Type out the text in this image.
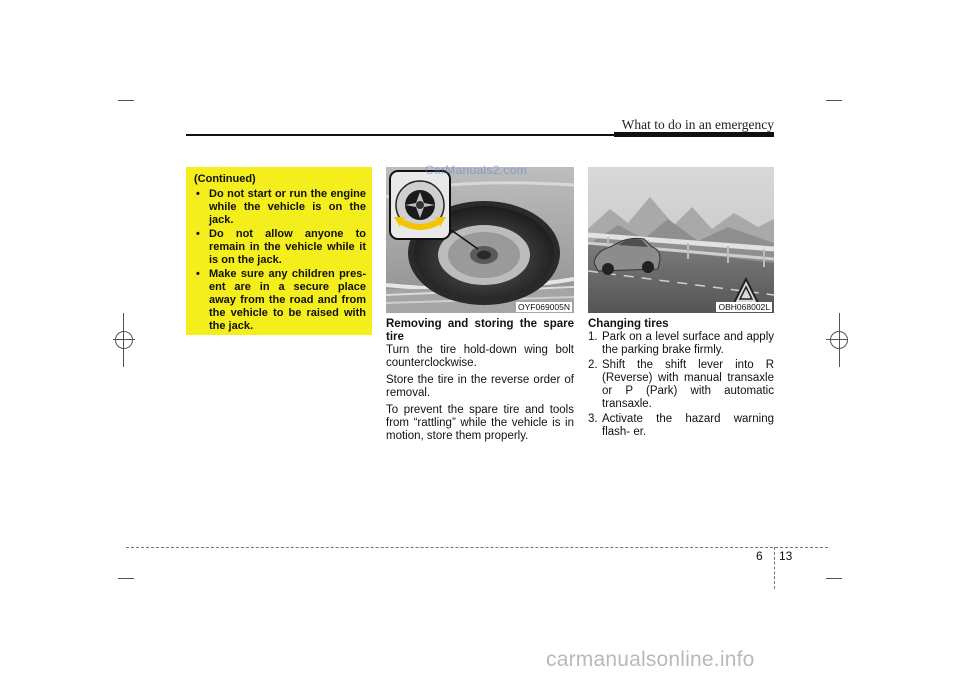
What to do in an emergency
(Continued)
• Do not start or run the engine while the vehicle is on the jack.
• Do not allow anyone to remain in the vehicle while it is on the jack.
• Make sure any children pres- ent are in a secure place away from the road and from the vehicle to be raised with the jack.
OYF069005N	OBH068002L
CarManuals2.com

Removing and storing the spare tire

Turn the tire hold-down wing bolt counterclockwise.

Store the tire in the reverse order of removal.

To prevent the spare tire and tools from “rattling” while the vehicle is in motion, store them properly.

Changing tires

1. Park on a level surface and apply the parking brake firmly.
2. Shift the shift lever into R (Reverse) with manual transaxle or P (Park) with automatic transaxle.
3. Activate the hazard warning flash- er.
6 13
carmanualsonline.info
